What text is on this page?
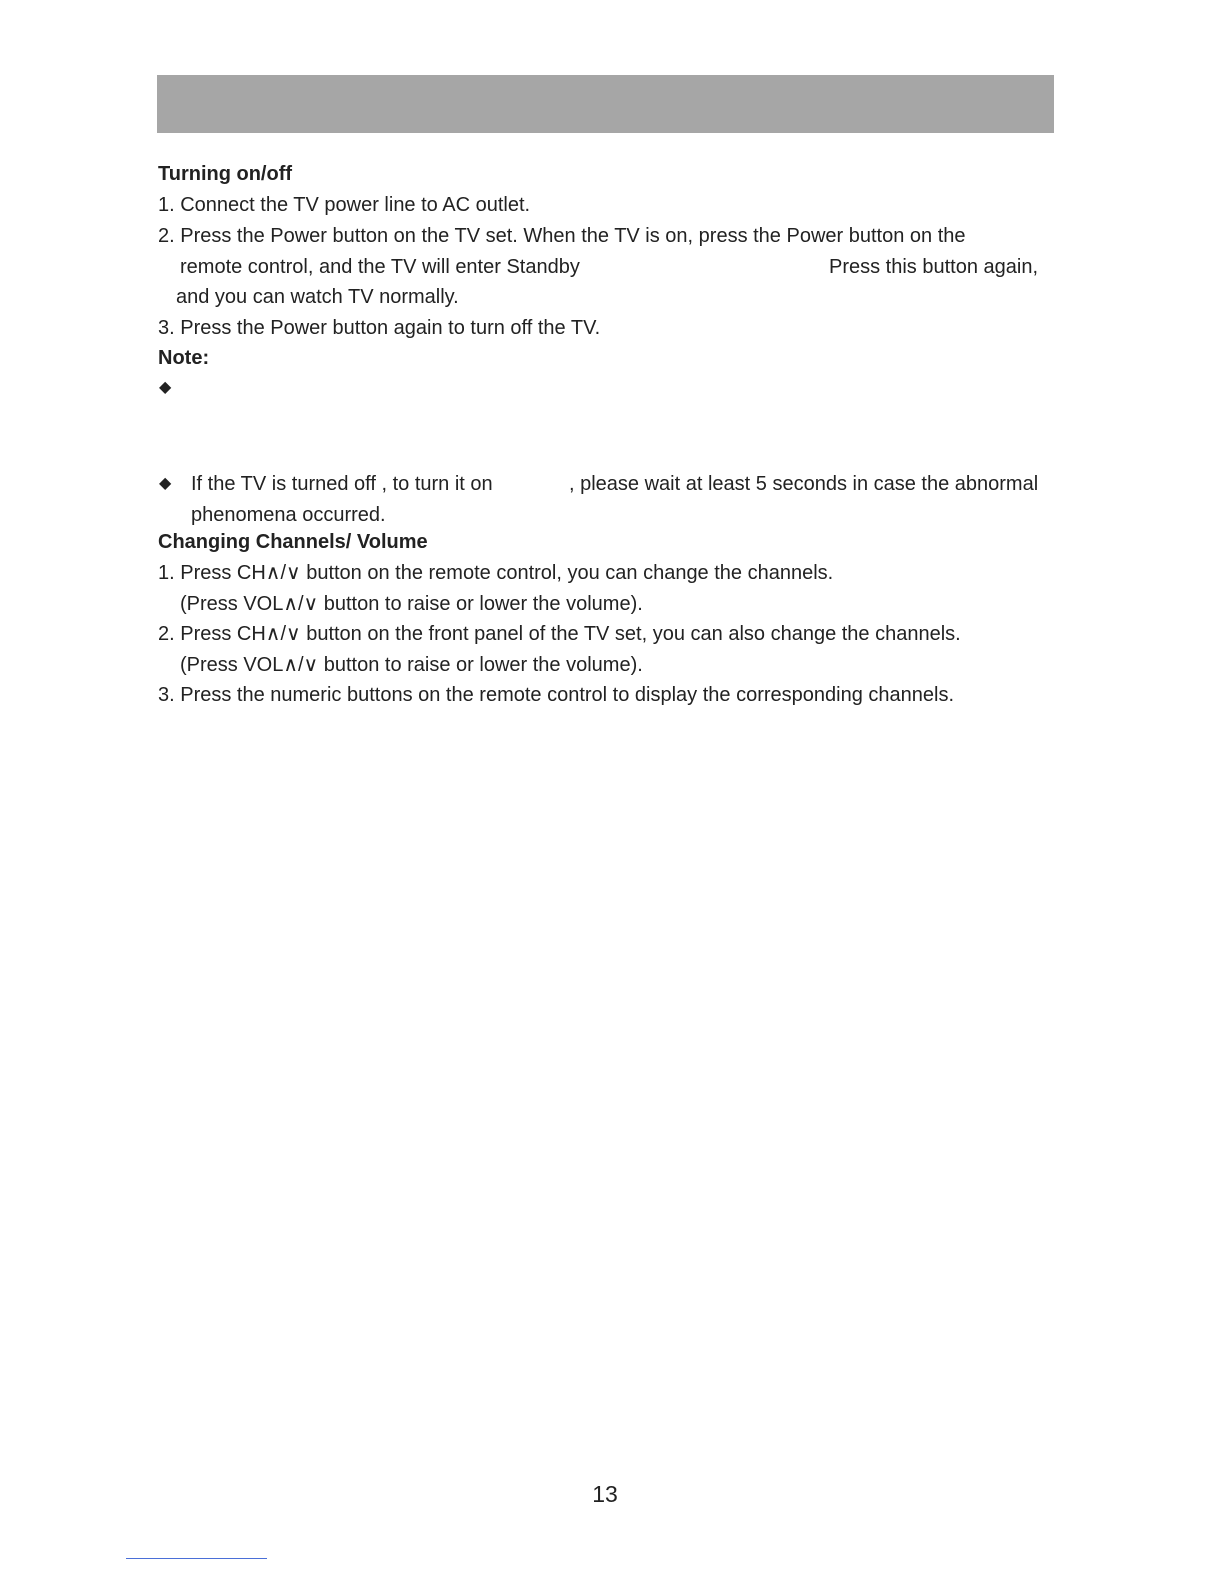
Turning on/off
1. Connect the TV power line to AC outlet.
2. Press the Power button on the TV set. When the TV is on, press the Power button on the
remote control, and the TV will enter Standby	Press this button again,
and you can watch TV normally.
3. Press the Power button again to turn off the TV.
Note:
◆
◆ If the TV is turned off , to turn it on	, please wait at least 5 seconds in case the abnormal
phenomena occurred.
Changing Channels/ Volume
1. Press CH∧/∨ button on the remote control, you can change the channels.
(Press VOL∧/∨ button to raise or lower the volume).
2. Press CH∧/∨ button on the front panel of the TV set, you can also change the channels.
(Press VOL∧/∨ button to raise or lower the volume).
3. Press the numeric buttons on the remote control to display the corresponding channels.
13
